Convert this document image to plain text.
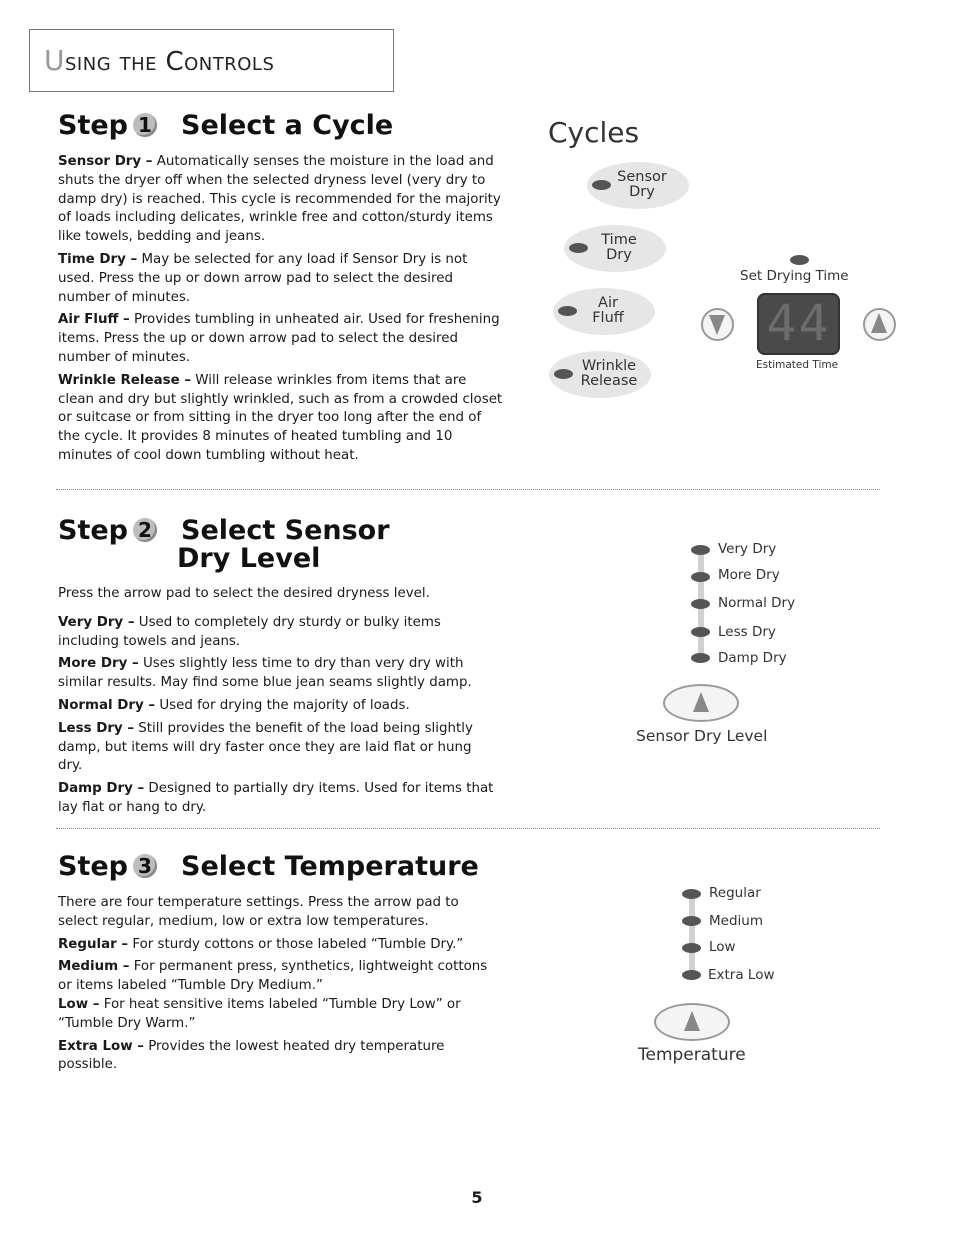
Using the Controls
Step 1 Select a Cycle

Sensor Dry – Automatically senses the moisture in the load and shuts the dryer off when the selected dryness level (very dry to damp dry) is reached. This cycle is recommended for the majority of loads including delicates, wrinkle free and cotton/sturdy items like towels, bedding and jeans.

Time Dry – May be selected for any load if Sensor Dry is not used. Press the up or down arrow pad to select the desired number of minutes.

Air Fluff – Provides tumbling in unheated air. Used for freshening items. Press the up or down arrow pad to select the desired number of minutes.

Wrinkle Release – Will release wrinkles from items that are clean and dry but slightly wrinkled, such as from a crowded closet or suitcase or from sitting in the dryer too long after the end of the cycle. It provides 8 minutes of heated tumbling and 10 minutes of cool down tumbling without heat.

Cycles
Sensor
Dry
Time
Dry
Air
Fluff
Wrinkle
Release
Set Drying Time
44
Estimated Time
Step 2 Select Sensor
Dry Level

Press the arrow pad to select the desired dryness level.

Very Dry – Used to completely dry sturdy or bulky items including towels and jeans.

More Dry – Uses slightly less time to dry than very dry with similar results. May find some blue jean seams slightly damp.

Normal Dry – Used for drying the majority of loads.

Less Dry – Still provides the benefit of the load being slightly damp, but items will dry faster once they are laid flat or hung dry.

Damp Dry – Designed to partially dry items. Used for items that lay flat or hang to dry.

Very Dry
More Dry
Normal Dry
Less Dry
Damp Dry
Sensor Dry Level
Step 3 Select Temperature

There are four temperature settings. Press the arrow pad to select regular, medium, low or extra low temperatures.

Regular – For sturdy cottons or those labeled “Tumble Dry.”

Medium – For permanent press, synthetics, lightweight cottons or items labeled “Tumble Dry Medium.”

Low – For heat sensitive items labeled “Tumble Dry Low” or “Tumble Dry Warm.”

Extra Low – Provides the lowest heated dry temperature possible.

Regular
Medium
Low
Extra Low
Temperature
5
